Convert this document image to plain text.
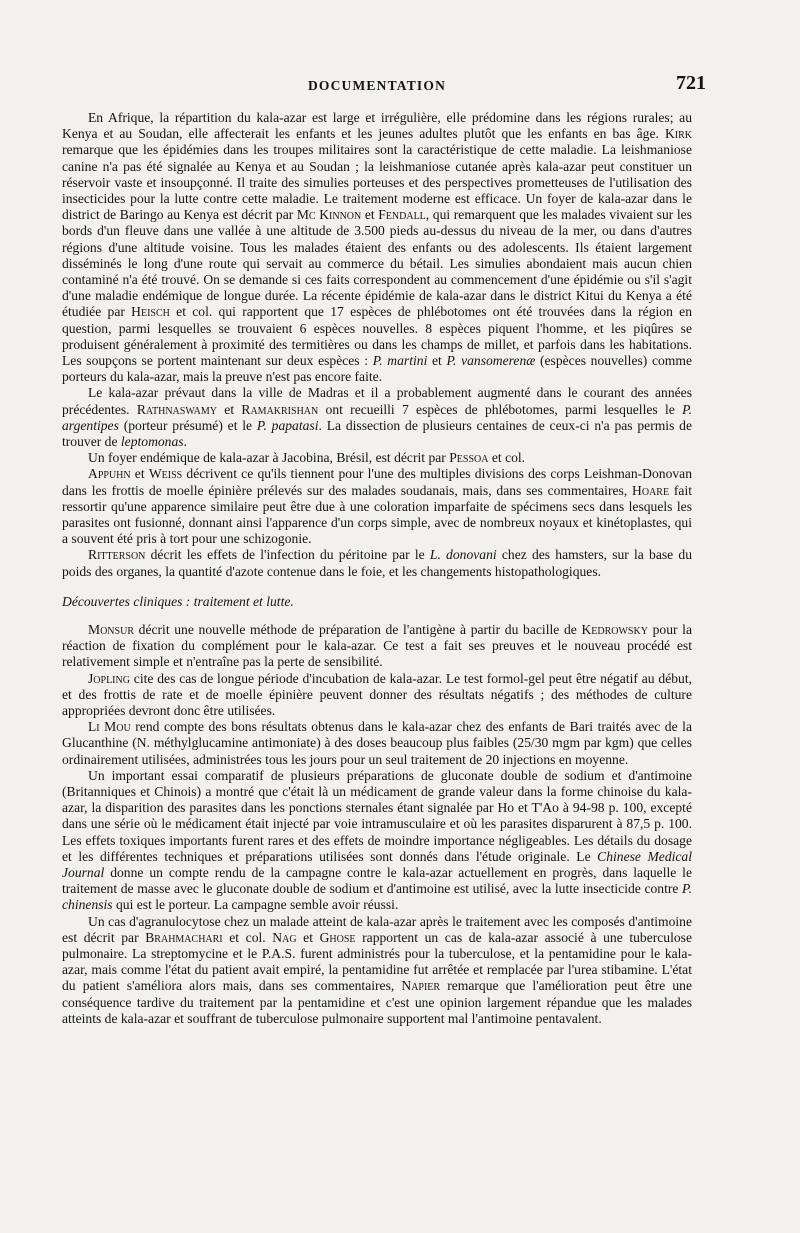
DOCUMENTATION	721

En Afrique, la répartition du kala-azar est large et irrégulière, elle prédomine dans les régions rurales; au Kenya et au Soudan, elle affecterait les enfants et les jeunes adultes plutôt que les enfants en bas âge. Kirk remarque que les épidémies dans les troupes militaires sont la caractéristique de cette maladie. La leishmaniose canine n'a pas été signalée au Kenya et au Soudan ; la leishmaniose cutanée après kala-azar peut constituer un réservoir vaste et insoupçonné. Il traite des simulies porteuses et des perspectives prometteuses de l'utilisation des insecticides pour la lutte contre cette maladie. Le traitement moderne est efficace. Un foyer de kala-azar dans le district de Baringo au Kenya est décrit par Mc Kinnon et Fendall, qui remarquent que les malades vivaient sur les bords d'un fleuve dans une vallée à une altitude de 3.500 pieds au-dessus du niveau de la mer, ou dans d'autres régions d'une altitude voisine. Tous les malades étaient des enfants ou des adolescents. Ils étaient largement disséminés le long d'une route qui servait au commerce du bétail. Les simulies abondaient mais aucun chien contaminé n'a été trouvé. On se demande si ces faits correspondent au commencement d'une épidémie ou s'il s'agit d'une maladie endémique de longue durée. La récente épidémie de kala-azar dans le district Kitui du Kenya a été étudiée par Heisch et col. qui rapportent que 17 espèces de phlébotomes ont été trouvées dans la région en question, parmi lesquelles se trouvaient 6 espèces nouvelles. 8 espèces piquent l'homme, et les piqûres se produisent généralement à proximité des termitières ou dans les champs de millet, et parfois dans les habitations. Les soupçons se portent maintenant sur deux espèces : P. martini et P. vansomerenæ (espèces nouvelles) comme porteurs du kala-azar, mais la preuve n'est pas encore faite.

Le kala-azar prévaut dans la ville de Madras et il a probablement augmenté dans le courant des années précédentes. Rathnaswamy et Ramakrishan ont recueilli 7 espèces de phlébotomes, parmi lesquelles le P. argentipes (porteur présumé) et le P. papatasi. La dissection de plusieurs centaines de ceux-ci n'a pas permis de trouver de leptomonas.

Un foyer endémique de kala-azar à Jacobina, Brésil, est décrit par Pessoa et col.

Appuhn et Weiss décrivent ce qu'ils tiennent pour l'une des multiples divisions des corps Leishman-Donovan dans les frottis de moelle épinière prélevés sur des malades soudanais, mais, dans ses commentaires, Hoare fait ressortir qu'une apparence similaire peut être due à une coloration imparfaite de spécimens secs dans lesquels les parasites ont fusionné, donnant ainsi l'apparence d'un corps simple, avec de nombreux noyaux et kinétoplastes, qui a souvent été pris à tort pour une schizogonie.

Ritterson décrit les effets de l'infection du péritoine par le L. donovani chez des hamsters, sur la base du poids des organes, la quantité d'azote contenue dans le foie, et les changements histopathologiques.

Découvertes cliniques : traitement et lutte.

Monsur décrit une nouvelle méthode de préparation de l'antigène à partir du bacille de Kedrowsky pour la réaction de fixation du complément pour le kala-azar. Ce test a fait ses preuves et le nouveau procédé est relativement simple et n'entraîne pas la perte de sensibilité.

Jopling cite des cas de longue période d'incubation de kala-azar. Le test formol-gel peut être négatif au début, et des frottis de rate et de moelle épinière peuvent donner des résultats négatifs ; des méthodes de culture appropriées devront donc être utilisées.

Li Mou rend compte des bons résultats obtenus dans le kala-azar chez des enfants de Bari traités avec de la Glucanthine (N. méthylglucamine antimoniate) à des doses beaucoup plus faibles (25/30 mgm par kgm) que celles ordinairement utilisées, administrées tous les jours pour un seul traitement de 20 injections en moyenne.

Un important essai comparatif de plusieurs préparations de gluconate double de sodium et d'antimoine (Britanniques et Chinois) a montré que c'était là un médicament de grande valeur dans la forme chinoise du kala-azar, la disparition des parasites dans les ponctions sternales étant signalée par Ho et T'Ao à 94-98 p. 100, excepté dans une série où le médicament était injecté par voie intramusculaire et où les parasites disparurent à 87,5 p. 100. Les effets toxiques importants furent rares et des effets de moindre importance négligeables. Les détails du dosage et les différentes techniques et préparations utilisées sont donnés dans l'étude originale. Le Chinese Medical Journal donne un compte rendu de la campagne contre le kala-azar actuellement en progrès, dans laquelle le traitement de masse avec le gluconate double de sodium et d'antimoine est utilisé, avec la lutte insecticide contre P. chinensis qui est le porteur. La campagne semble avoir réussi.

Un cas d'agranulocytose chez un malade atteint de kala-azar après le traitement avec les composés d'antimoine est décrit par Brahmachari et col. Nag et Ghose rapportent un cas de kala-azar associé à une tuberculose pulmonaire. La streptomycine et le P.A.S. furent administrés pour la tuberculose, et la pentamidine pour le kala-azar, mais comme l'état du patient avait empiré, la pentamidine fut arrêtée et remplacée par l'urea stibamine. L'état du patient s'améliora alors mais, dans ses commentaires, Napier remarque que l'amélioration peut être une conséquence tardive du traitement par la pentamidine et c'est une opinion largement répandue que les malades atteints de kala-azar et souffrant de tuberculose pulmonaire supportent mal l'antimoine pentavalent.
